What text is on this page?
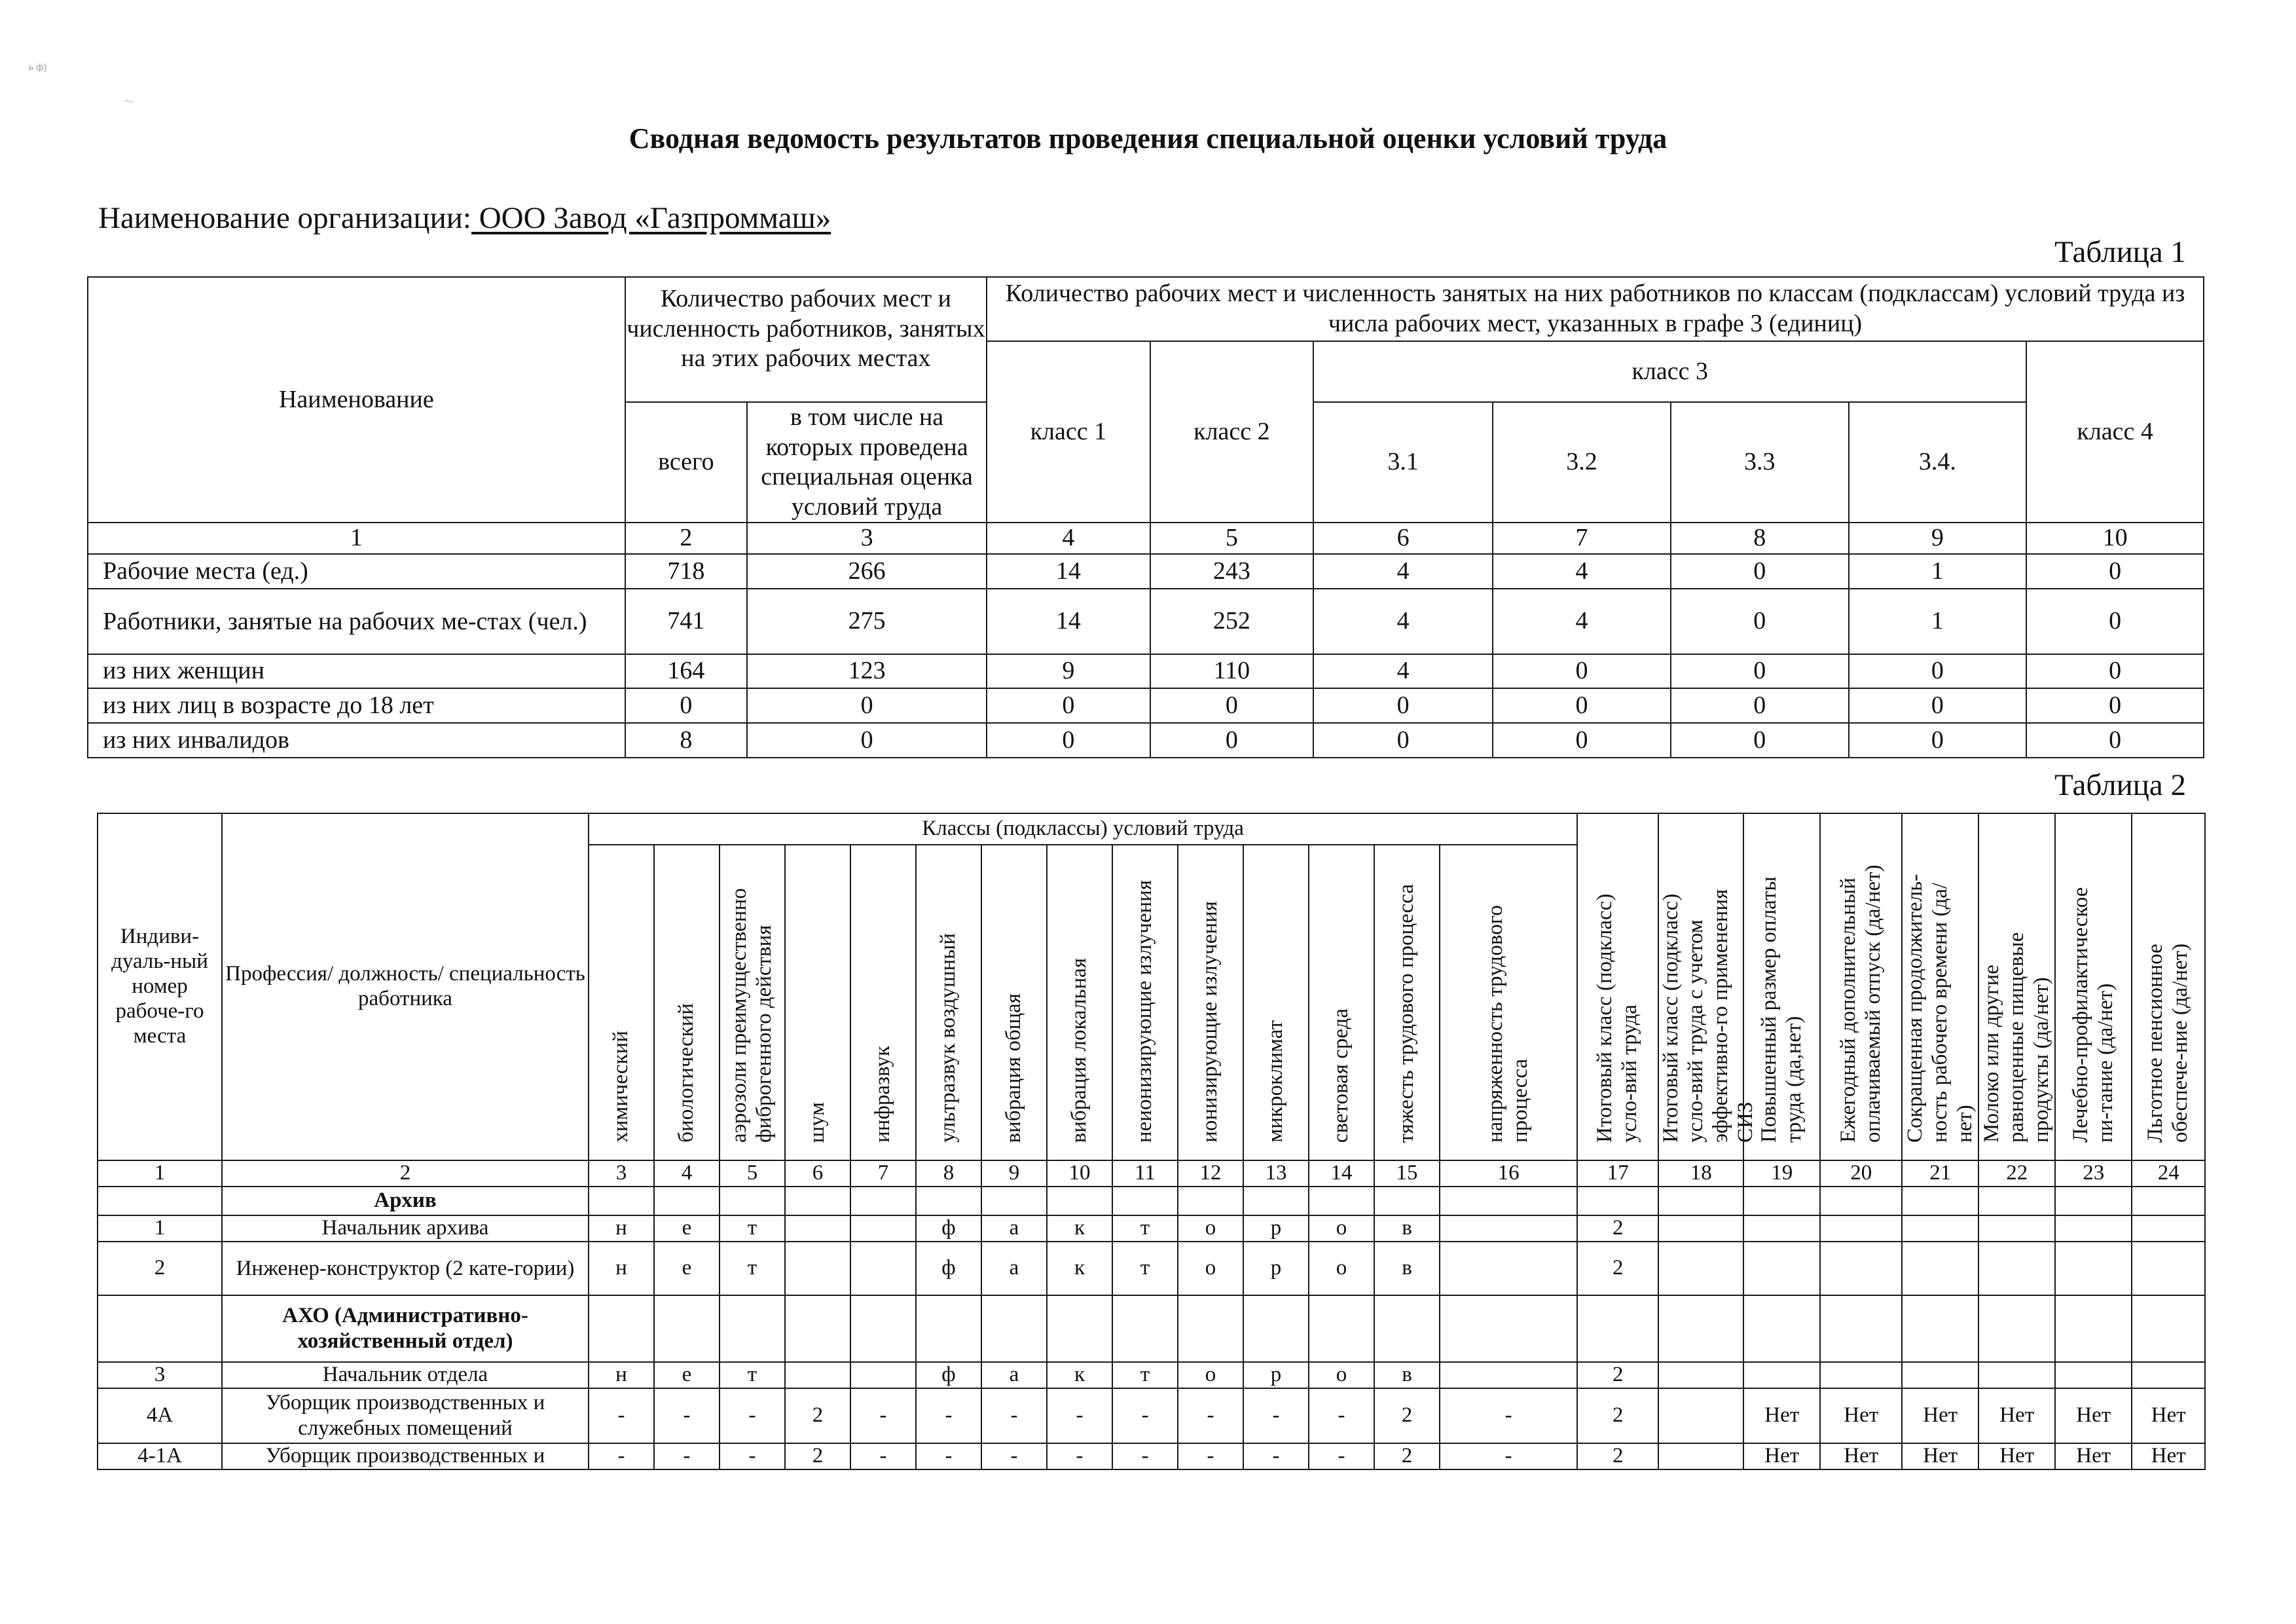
ь ф)
~-
Сводная ведомость результатов проведения специальной оценки условий труда
Наименование организации: ООО Завод «Газпроммаш»
Таблица 1
Наименование	Количество рабочих мест и численность работников, занятых на этих рабочих местах		Количество рабочих мест и численность занятых на них работников по классам (подклассам) условий труда из числа рабочих мест, указанных в графе 3 (единиц)						
			класс 1	класс 2	класс 3				класс 4
	всего	в том числе на которых проведена специальная оценка условий труда			3.1	3.2	3.3	3.4.	
1	2	3	4	5	6	7	8	9	10
Рабочие места (ед.)	718	266	14	243	4	4	0	1	0
Работники, занятые на рабочих ме-стах (чел.)	741	275	14	252	4	4	0	1	0
из них женщин	164	123	9	110	4	0	0	0	0
из них лиц в возрасте до 18 лет	0	0	0	0	0	0	0	0	0
из них инвалидов	8	0	0	0	0	0	0	0	0
Таблица 2
Индиви-дуаль-ный номер рабоче-го места	Профессия/ должность/ специальность работника	Классы (подклассы) условий труда														Итоговый класс (подкласс) усло-вий труда	Итоговый класс (подкласс) усло-вий труда с учетом эффективно-го применения СИЗ	Повышенный размер оплаты труда (да,нет)	Ежегодный дополнительный оплачиваемый отпуск (да/нет)	Сокращенная продолжитель-ность рабочего времени (да/нет)	Молоко или другие равноценные пищевые продукты (да/нет)	Лечебно-профилактическое пи-тание (да/нет)	Льготное пенсионное обеспече-ние (да/нет)
		химический	биологический	аэрозоли преимущественно фиброгенного действия	шум	инфразвук	ультразвук воздушный	вибрация общая	вибрация локальная	неионизирующие излучения	ионизирующие излучения	микроклимат	световая среда	тяжесть трудового процесса	напряженность трудового процесса								
1	2	3	4	5	6	7	8	9	10	11	12	13	14	15	16	17	18	19	20	21	22	23	24
	Архив																						
1	Начальник архива	н	е	т			ф	а	к	т	о	р	о	в		2							
2	Инженер-конструктор (2 кате-гории)	н	е	т			ф	а	к	т	о	р	о	в		2							
	АХО (Административно-хозяйственный отдел)																						
3	Начальник отдела	н	е	т			ф	а	к	т	о	р	о	в		2							
4А	Уборщик производственных и служебных помещений	-	-	-	2	-	-	-	-	-	-	-	-	2	-	2		Нет	Нет	Нет	Нет	Нет	Нет
4-1А	Уборщик производственных и	-	-	-	2	-	-	-	-	-	-	-	-	2	-	2		Нет	Нет	Нет	Нет	Нет	Нет
